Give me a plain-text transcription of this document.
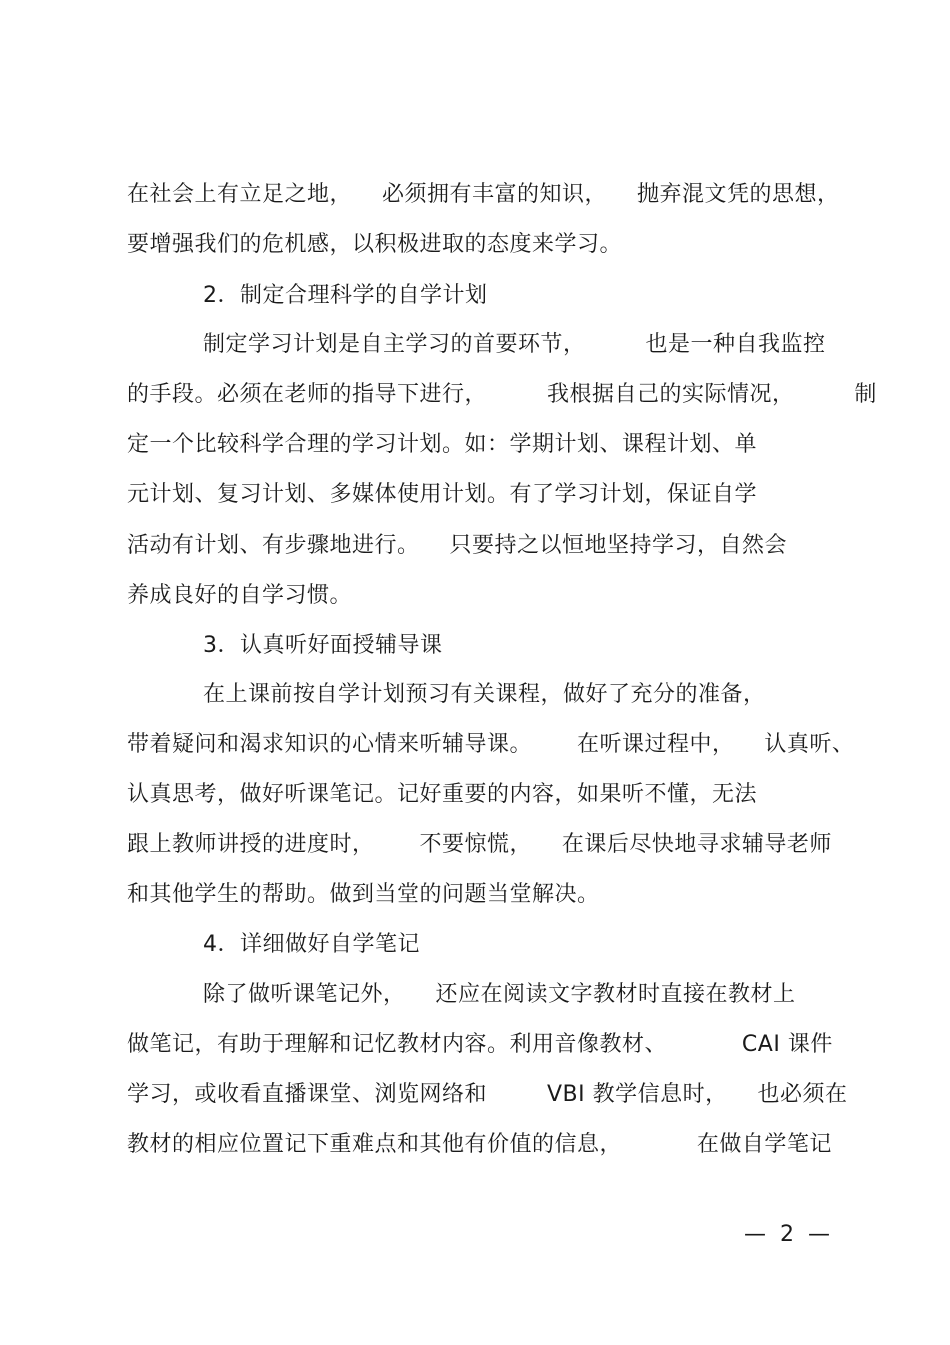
在社会上有立足之地，    必须拥有丰富的知识，    抛弃混文凭的思想，
要增强我们的危机感，以积极进取的态度来学习。
2．制定合理科学的自学计划
制定学习计划是自主学习的首要环节，        也是一种自我监控
的手段。必须在老师的指导下进行，        我根据自己的实际情况，        制
定一个比较科学合理的学习计划。如：学期计划、课程计划、单
元计划、复习计划、多媒体使用计划。有了学习计划，保证自学
活动有计划、有步骤地进行。    只要持之以恒地坚持学习，自然会
养成良好的自学习惯。
3．认真听好面授辅导课
在上课前按自学计划预习有关课程，做好了充分的准备，
带着疑问和渴求知识的心情来听辅导课。      在听课过程中，    认真听、
认真思考，做好听课笔记。记好重要的内容，如果听不懂，无法
跟上教师讲授的进度时，      不要惊慌，    在课后尽快地寻求辅导老师
和其他学生的帮助。做到当堂的问题当堂解决。
4．详细做好自学笔记
除了做听课笔记外，    还应在阅读文字教材时直接在教材上
做笔记，有助于理解和记忆教材内容。利用音像教材、          CAI 课件
学习，或收看直播课堂、浏览网络和        VBI 教学信息时，    也必须在
教材的相应位置记下重难点和其他有价值的信息，          在做自学笔记
—  2  —
